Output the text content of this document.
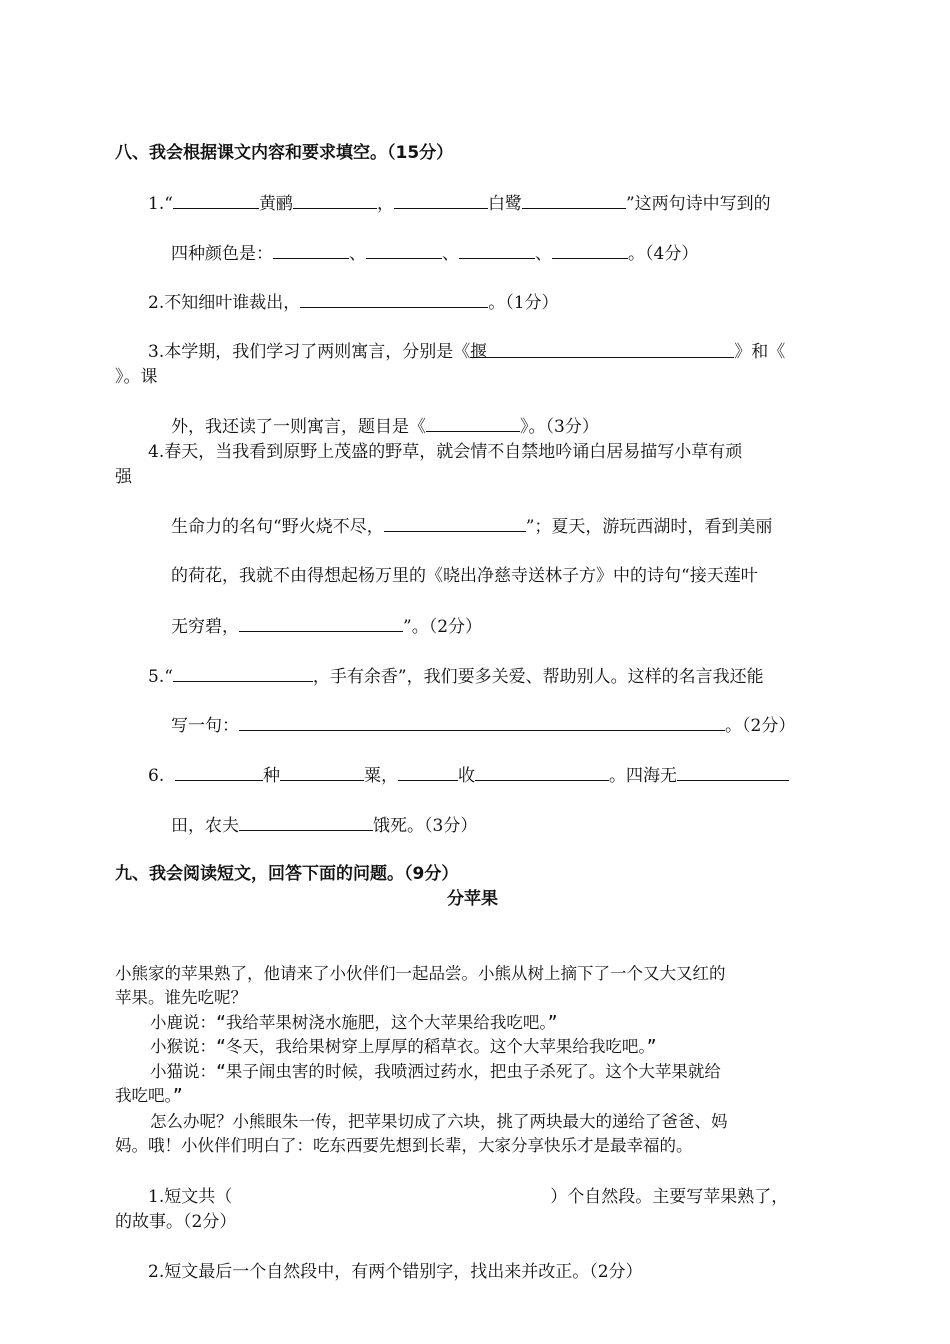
八、我会根据课文内容和要求填空。（15分）
1.“	黄鹂	，	白鹭	”这两句诗中写到的
四种颜色是：	、	、	、	。（4分）
2.不知细叶谁裁出，	。（1分）
3.本学期，我们学习了两则寓言，分别是《揠	》和《
》。课
外，我还读了一则寓言，题目是《	》。（3分）
4.春天，当我看到原野上茂盛的野草，就会情不自禁地吟诵白居易描写小草有顽
强
生命力的名句“野火烧不尽，	”；夏天，游玩西湖时，看到美丽
的荷花，我就不由得想起杨万里的《晓出净慈寺送林子方》中的诗句“接天莲叶
无穷碧，	”。（2分）
5.“	，手有余香”，我们要多关爱、帮助别人。这样的名言我还能
写一句：	。（2分）
6.	种	粟，	收	。四海无
田，农夫	饿死。（3分）
九、我会阅读短文，回答下面的问题。（9分）
分苹果
小熊家的苹果熟了，他请来了小伙伴们一起品尝。小熊从树上摘下了一个又大又红的
苹果。谁先吃呢？
小鹿说：“我给苹果树浇水施肥，这个大苹果给我吃吧。”
小猴说：“冬天，我给果树穿上厚厚的稻草衣。这个大苹果给我吃吧。”
小猫说：“果子闹虫害的时候，我喷洒过药水，把虫子杀死了。这个大苹果就给
我吃吧。”
怎么办呢？小熊眼朱一传，把苹果切成了六块，挑了两块最大的递给了爸爸、妈
妈。哦！小伙伴们明白了：吃东西要先想到长辈，大家分享快乐才是最幸福的。
1.短文共（	）个自然段。主要写苹果熟了，
的故事。（2分）
2.短文最后一个自然段中，有两个错别字，找出来并改正。（2分）
